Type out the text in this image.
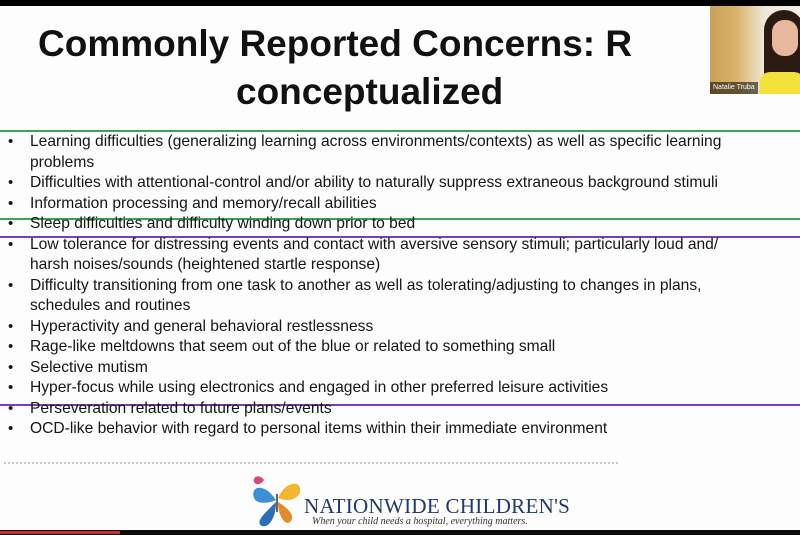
Commonly Reported Concerns: R
conceptualized
• Learning difficulties (generalizing learning across environments/contexts) as well as specific learning
problems
• Difficulties with attentional-control and/or ability to naturally suppress extraneous background stimuli
• Information processing and memory/recall abilities
• Sleep difficulties and difficulty winding down prior to bed
• Low tolerance for distressing events and contact with aversive sensory stimuli; particularly loud and/
harsh noises/sounds (heightened startle response)
• Difficulty transitioning from one task to another as well as tolerating/adjusting to changes in plans,
schedules and routines
• Hyperactivity and general behavioral restlessness
• Rage-like meltdowns that seem out of the blue or related to something small
• Selective mutism
• Hyper-focus while using electronics and engaged in other preferred leisure activities
• Perseveration related to future plans/events
• OCD-like behavior with regard to personal items within their immediate environment
NATIONWIDE CHILDREN'S
When your child needs a hospital, everything matters.
Natalie Truba
